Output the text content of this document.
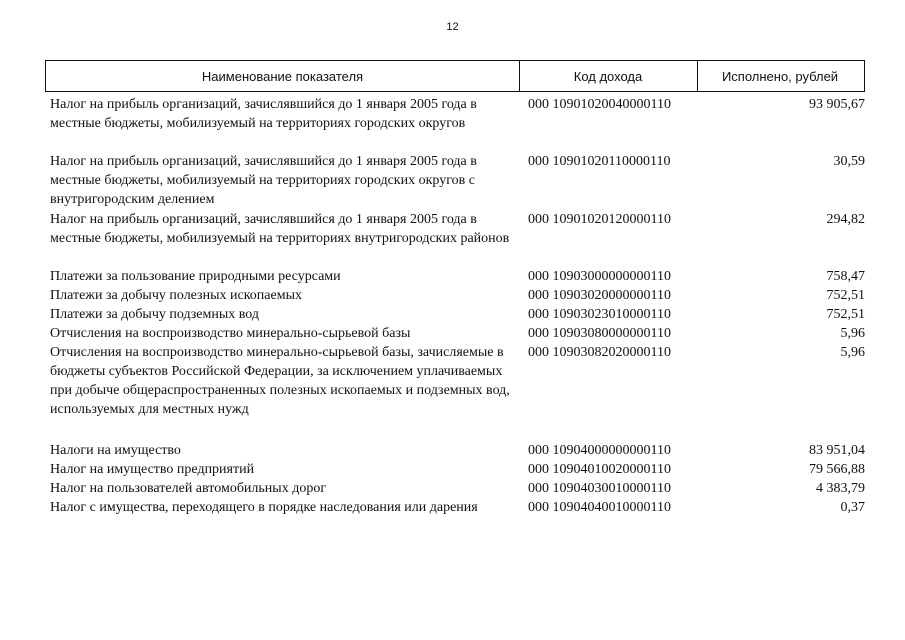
12
Наименование показателя	Код дохода	Исполнено, рублей
Налог на прибыль организаций, зачислявшийся до 1 января 2005 года в местные бюджеты, мобилизуемый на территориях городских округов
000 10901020040000110	93 905,67
Налог на прибыль организаций, зачислявшийся до 1 января 2005 года в местные бюджеты, мобилизуемый на территориях городских округов с внутригородским делением
000 10901020110000110	30,59
Налог на прибыль организаций, зачислявшийся до 1 января 2005 года в местные бюджеты, мобилизуемый на территориях внутригородских районов
000 10901020120000110	294,82
Платежи за пользование природными ресурсами	000 10903000000000110	758,47
Платежи за добычу полезных ископаемых	000 10903020000000110	752,51
Платежи за добычу подземных вод	000 10903023010000110	752,51
Отчисления на воспроизводство минерально-сырьевой базы	000 10903080000000110	5,96
Отчисления на воспроизводство минерально-сырьевой базы, зачисляемые в бюджеты субъектов Российской Федерации, за исключением уплачиваемых при добыче общераспространенных полезных ископаемых и подземных вод, используемых для местных нужд
000 10903082020000110	5,96
Налоги на имущество	000 10904000000000110	83 951,04
Налог на имущество предприятий	000 10904010020000110	79 566,88
Налог на пользователей автомобильных дорог	000 10904030010000110	4 383,79
Налог с имущества, переходящего в порядке наследования или дарения	000 10904040010000110	0,37
